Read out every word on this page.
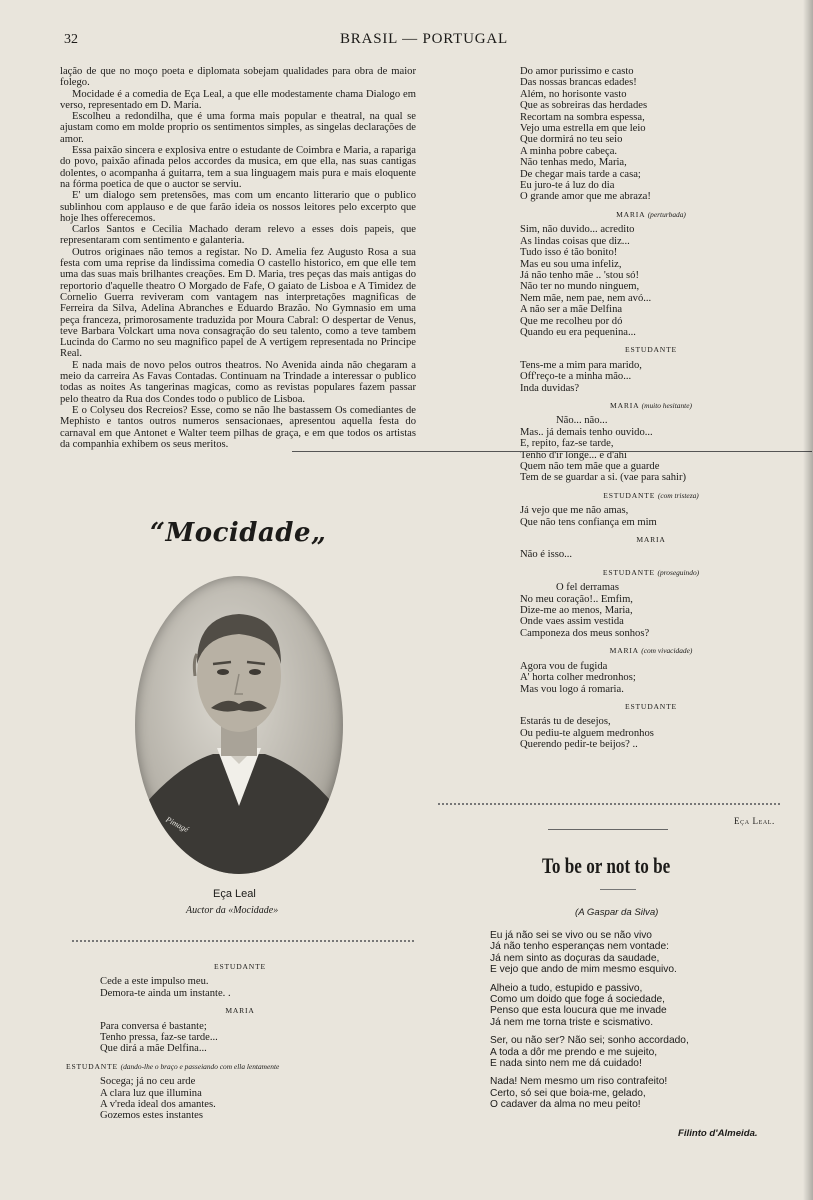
32	BRASIL — PORTUGAL

lação de que no moço poeta e diplomata sobejam qualidades para obra de maior folego.

Mocidade é a comedia de Eça Leal, a que elle modestamente chama Dialogo em verso, representado em D. Maria.

Escolheu a redondilha, que é uma forma mais popular e theatral, na qual se ajustam como em molde proprio os sentimentos simples, as singelas declarações de amor.

Essa paixão sincera e explosiva entre o estudante de Coimbra e Maria, a rapariga do povo, paixão afinada pelos accordes da musica, em que ella, nas suas cantigas dolentes, o acompanha á guitarra, tem a sua linguagem mais pura e mais eloquente na fórma poetica de que o auctor se serviu.

E' um dialogo sem pretensões, mas com um encanto litterario que o publico sublinhou com applauso e de que farão ideia os nossos leitores pelo excerpto que hoje lhes offerecemos.

Carlos Santos e Cecilia Machado deram relevo a esses dois papeis, que representaram com sentimento e galanteria.

Outros originaes não temos a registar. No D. Amelia fez Augusto Rosa a sua festa com uma reprise da lindissima comedia O castello historico, em que elle tem uma das suas mais brilhantes creações. Em D. Maria, tres peças das mais antigas do reportorio d'aquelle theatro O Morgado de Fafe, O gaiato de Lisboa e A Timidez de Cornelio Guerra reviveram com vantagem nas interpretações magnificas de Ferreira da Silva, Adelina Abranches e Eduardo Brazão. No Gymnasio em uma peça franceza, primorosamente traduzida por Moura Cabral: O despertar de Venus, teve Barbara Volckart uma nova consagração do seu talento, como a teve tambem Lucinda do Carmo no seu magnifico papel de A vertigem representada no Principe Real.

E nada mais de novo pelos outros theatros. No Avenida ainda não chegaram a meio da carreira As Favas Contadas. Continuam na Trindade a interessar o publico todas as noites As tangerinas magicas, como as revistas populares fazem passar pelo theatro da Rua dos Condes todo o publico de Lisboa.

E o Colyseu dos Recreios? Esse, como se não lhe bastassem Os comediantes de Mephisto e tantos outros numeros sensacionaes, apresentou aquella festa do carnaval em que Antonet e Walter teem pilhas de graça, e em que todos os artistas da companhia exhibem os seus meritos.

Do amor purissimo e casto
Das nossas brancas edades!
Além, no horisonte vasto
Que as sobreiras das herdades
Recortam na sombra espessa,
Vejo uma estrella em que leio
Que dormirá no teu seio
A minha pobre cabeça.
Não tenhas medo, Maria,
De chegar mais tarde a casa;
Eu juro-te á luz do dia
O grande amor que me abraza!
MARIA (perturbada)
Sim, não duvido... acredito
As lindas coisas que diz...
Tudo isso é tão bonito!
Mas eu sou uma infeliz,
Já não tenho mãe .. 'stou só!
Não ter no mundo ninguem,
Nem mãe, nem pae, nem avó...
A não ser a mãe Delfina
Que me recolheu por dó
Quando eu era pequenina...
ESTUDANTE
Tens-me a mim para marido,
Off'reço-te a minha mão...
Inda duvidas?
MARIA (muito hesitante)
Não... não...
Mas.. já demais tenho ouvido...
E, repito, faz-se tarde,
Tenho d'ir longe... e d'ahi
Quem não tem mãe que a guarde
Tem de se guardar a si. (vae para sahir)
ESTUDANTE (com tristeza)
Já vejo que me não amas,
Que não tens confiança em mim
MARIA
Não é isso...
ESTUDANTE (proseguindo)
O fel derramas
No meu coração!.. Emfim,
Dize-me ao menos, Maria,
Onde vaes assim vestida
Camponeza dos meus sonhos?
MARIA (com vivacidade)
Agora vou de fugida
A' horta colher medronhos;
Mas vou logo á romaria.
ESTUDANTE
Estarás tu de desejos,
Ou pediu-te alguem medronhos
Querendo pedir-te beijos? ..
Eça Leal.
“Mocidade„
Pimagé
Eça Leal
Auctor da «Mocidade»
ESTUDANTE
Cede a este impulso meu.
Demora-te ainda um instante. .
MARIA
Para conversa é bastante;
Tenho pressa, faz-se tarde...
Que dirá a mãe Delfina...
ESTUDANTE (dando-lhe o braço e passeiando com ella lentamente
Socega; já no ceu arde
A clara luz que illumina
A v'reda ideal dos amantes.
Gozemos estes instantes
To be or not to be
(A Gaspar da Silva)
Eu já não sei se vivo ou se não vivo
Já não tenho esperanças nem vontade:
Já nem sinto as doçuras da saudade,
E vejo que ando de mim mesmo esquivo.
Alheio a tudo, estupido e passivo,
Como um doido que foge á sociedade,
Penso que esta loucura que me invade
Já nem me torna triste e scismativo.
Ser, ou não ser? Não sei; sonho accordado,
A toda a dôr me prendo e me sujeito,
E nada sinto nem me dá cuidado!
Nada! Nem mesmo um riso contrafeito!
Certo, só sei que boia-me, gelado,
O cadaver da alma no meu peito!
Filinto d'Almeida.
